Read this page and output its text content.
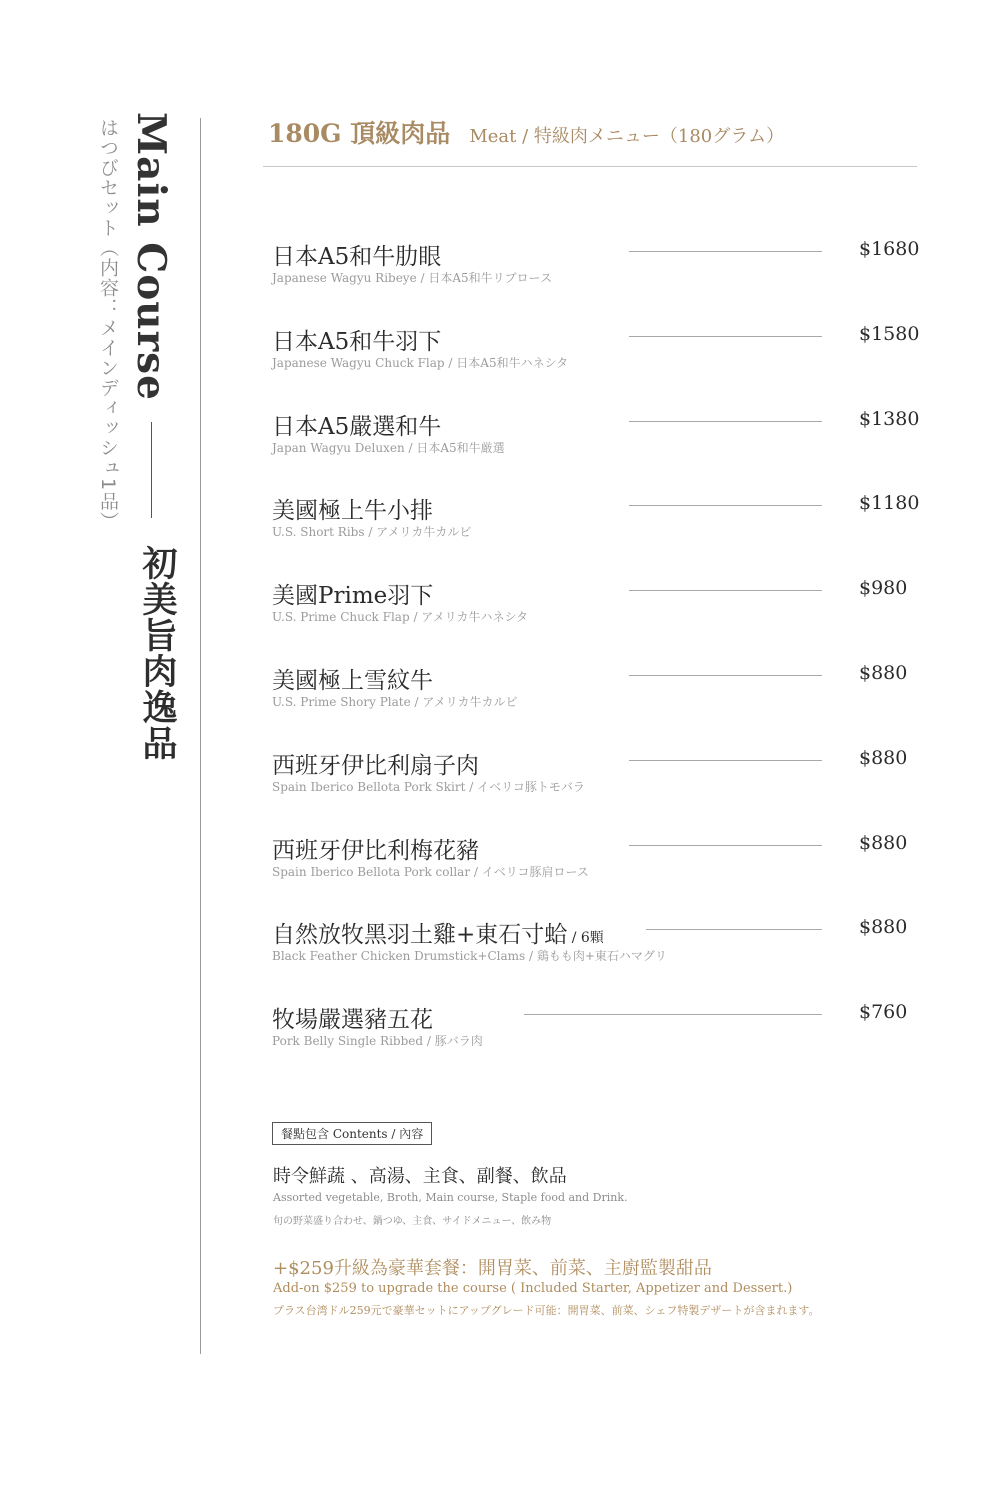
Main Course
はつびセット（内容：メインディッシュ1品）
初美旨肉逸品
180G 頂級肉品 Meat / 特級肉メニュー（180グラム）
日本A5和牛肋眼
Japanese Wagyu Ribeye / 日本A5和牛リブロース
$1680
日本A5和牛羽下
Japanese Wagyu Chuck Flap / 日本A5和牛ハネシタ
$1580
日本A5嚴選和牛
Japan Wagyu Deluxen / 日本A5和牛厳選
$1380
美國極上牛小排
U.S. Short Ribs / アメリカ牛カルビ
$1180
美國Prime羽下
U.S. Prime Chuck Flap / アメリカ牛ハネシタ
$980
美國極上雪紋牛
U.S. Prime Shory Plate / アメリカ牛カルビ
$880
西班牙伊比利扇子肉
Spain Iberico Bellota Pork Skirt / イベリコ豚トモバラ
$880
西班牙伊比利梅花豬
Spain Iberico Bellota Pork collar / イベリコ豚肩ロース
$880
自然放牧黑羽土雞+東石寸蛤 / 6顆
Black Feather Chicken Drumstick+Clams / 鶏もも肉+東石ハマグリ
$880
牧場嚴選豬五花
Pork Belly Single Ribbed / 豚バラ肉
$760
餐點包含 Contents / 內容
時令鮮蔬 、高湯、主食、副餐、飲品
Assorted vegetable, Broth, Main course, Staple food and Drink.
旬の野菜盛り合わせ、鍋つゆ、主食、サイドメニュー、飲み物
+$259升級為豪華套餐：開胃菜、前菜、主廚監製甜品
Add-on $259 to upgrade the course ( Included Starter, Appetizer and Dessert.)
プラス台湾ドル259元で豪華セットにアップグレード可能：開胃菜、前菜、シェフ特製デザートが含まれます。
